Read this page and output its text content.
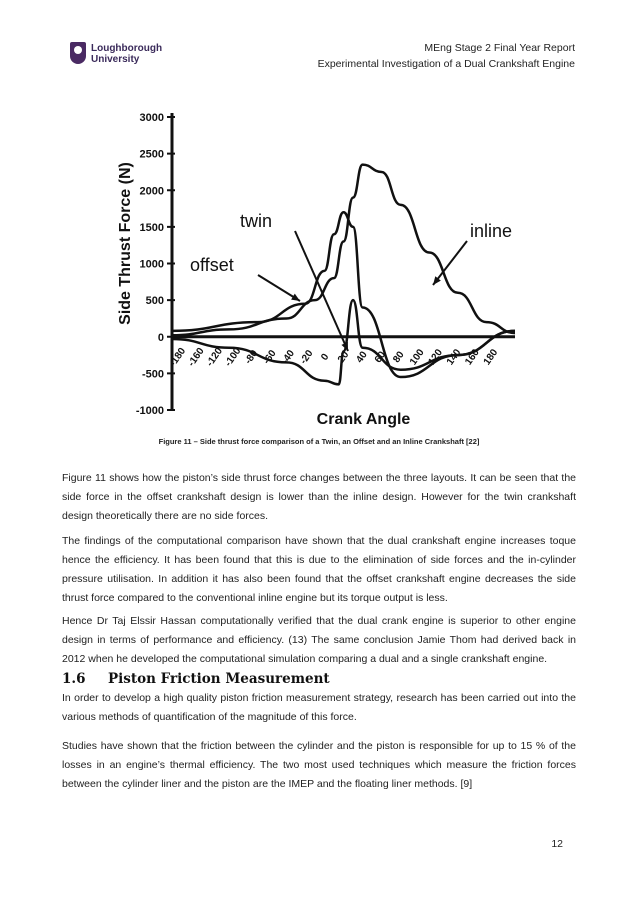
Loughborough
University
MEng Stage 2 Final Year Report
Experimental Investigation of a Dual Crankshaft Engine
3000
2500
2000
1500
1000
500
0
-500
-1000
-180
-160
-120
-100 -80 -60 -40 -20 0 20 40 60 80 100 120 140 160 180
Crank Angle
Side Thrust Force (N)	twin
offset
inline
Figure 11 – Side thrust force comparison of a Twin, an Offset and an Inline Crankshaft [22]
Figure 11 shows how the piston’s side thrust force changes between the three layouts. It can be seen that the side force in the offset crankshaft design is lower than the inline design. However for the twin crankshaft design theoretically there are no side forces.
The findings of the computational comparison have shown that the dual crankshaft engine increases toque hence the efficiency. It has been found that this is due to the elimination of side forces and the in-cylinder pressure utilisation. In addition it has also been found that the offset crankshaft engine decreases the side thrust force compared to the conventional inline engine but its torque output is less.
Hence Dr Taj Elssir Hassan computationally verified that the dual crank engine is superior to other engine design in terms of performance and efficiency. (13) The same conclusion Jamie Thom had derived back in 2012 when he developed the computational simulation comparing a dual and a single crankshaft engine.
1.6 Piston Friction Measurement
In order to develop a high quality piston friction measurement strategy, research has been carried out into the various methods of quantification of the magnitude of this force.
Studies have shown that the friction between the cylinder and the piston is responsible for up to 15 % of the losses in an engine’s thermal efficiency. The two most used techniques which measure the friction forces between the cylinder liner and the piston are the IMEP and the floating liner methods. [9]
12
